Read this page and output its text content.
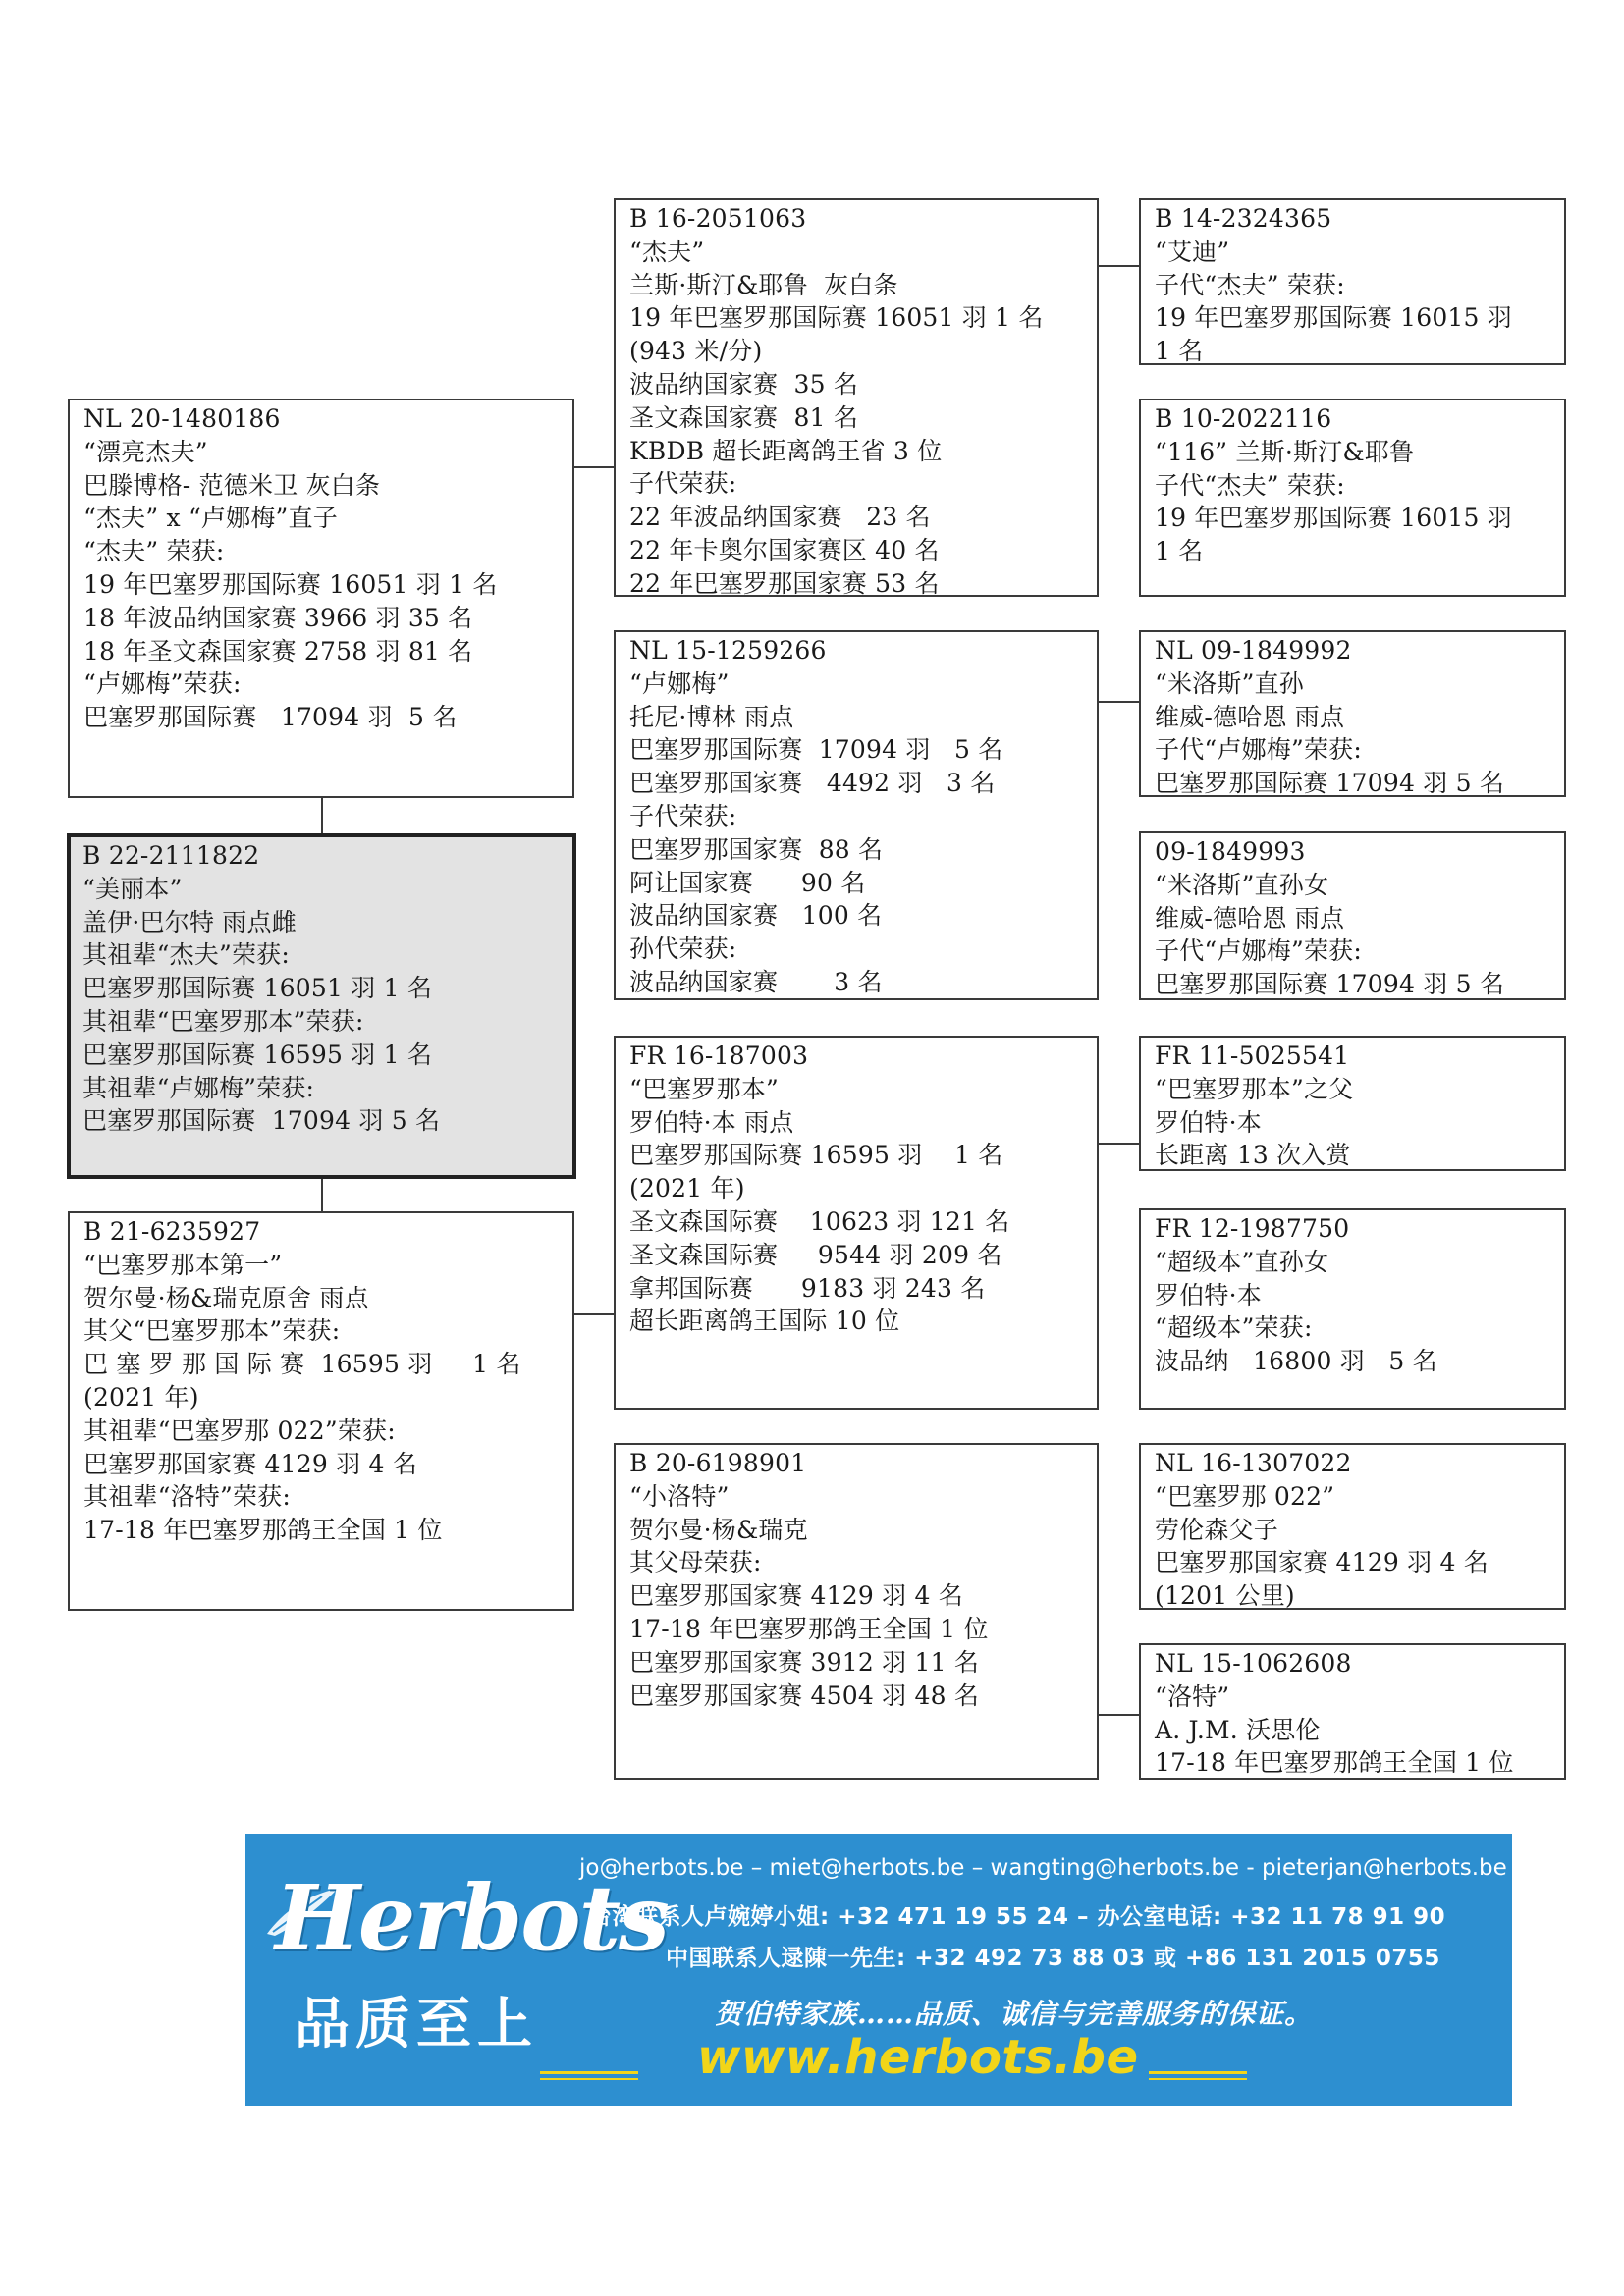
NL 20-1480186
“漂亮杰夫”
巴滕博格- 范德米卫 灰白条
“杰夫” x “卢娜梅”直子
“杰夫” 荣获:
19 年巴塞罗那国际赛 16051 羽 1 名
18 年波品纳国家赛 3966 羽 35 名
18 年圣文森国家赛 2758 羽 81 名
“卢娜梅”荣获:
巴塞罗那国际赛   17094 羽  5 名
B 22-2111822
“美丽本”
盖伊·巴尔特 雨点雌
其祖辈“杰夫”荣获:
巴塞罗那国际赛 16051 羽 1 名
其祖辈“巴塞罗那本”荣获:
巴塞罗那国际赛 16595 羽 1 名
其祖辈“卢娜梅”荣获:
巴塞罗那国际赛  17094 羽 5 名
B 21-6235927
“巴塞罗那本第一”
贺尔曼·杨&瑞克原舍 雨点
其父“巴塞罗那本”荣获:
巴 塞 罗 那 国 际 赛  16595 羽     1 名
(2021 年)
其祖辈“巴塞罗那 022”荣获:
巴塞罗那国家赛 4129 羽 4 名
其祖辈“洛特”荣获:
17-18 年巴塞罗那鸽王全国 1 位
B 16-2051063
“杰夫”
兰斯·斯汀&耶鲁  灰白条
19 年巴塞罗那国际赛 16051 羽 1 名
(943 米/分)
波品纳国家赛  35 名
圣文森国家赛  81 名
KBDB 超长距离鸽王省 3 位
子代荣获:
22 年波品纳国家赛   23 名
22 年卡奥尔国家赛区 40 名
22 年巴塞罗那国家赛 53 名
NL 15-1259266
“卢娜梅”
托尼·博林 雨点
巴塞罗那国际赛  17094 羽   5 名
巴塞罗那国家赛   4492 羽   3 名
子代荣获:
巴塞罗那国家赛  88 名
阿让国家赛      90 名
波品纳国家赛   100 名
孙代荣获:
波品纳国家赛       3 名
FR 16-187003
“巴塞罗那本”
罗伯特·本 雨点
巴塞罗那国际赛 16595 羽    1 名
(2021 年)
圣文森国际赛    10623 羽 121 名
圣文森国际赛     9544 羽 209 名
拿邦国际赛      9183 羽 243 名
超长距离鸽王国际 10 位
B 20-6198901
“小洛特”
贺尔曼·杨&瑞克
其父母荣获:
巴塞罗那国家赛 4129 羽 4 名
17-18 年巴塞罗那鸽王全国 1 位
巴塞罗那国家赛 3912 羽 11 名
巴塞罗那国家赛 4504 羽 48 名
B 14-2324365
“艾迪”
子代“杰夫” 荣获:
19 年巴塞罗那国际赛 16015 羽
1 名
B 10-2022116
“116” 兰斯·斯汀&耶鲁
子代“杰夫” 荣获:
19 年巴塞罗那国际赛 16015 羽
1 名
NL 09-1849992
“米洛斯”直孙
维威-德哈恩 雨点
子代“卢娜梅”荣获:
巴塞罗那国际赛 17094 羽 5 名
09-1849993
“米洛斯”直孙女
维威-德哈恩 雨点
子代“卢娜梅”荣获:
巴塞罗那国际赛 17094 羽 5 名
FR 11-5025541
“巴塞罗那本”之父
罗伯特·本
长距离 13 次入赏
FR 12-1987750
“超级本”直孙女
罗伯特·本
“超级本”荣获:
波品纳   16800 羽   5 名
NL 16-1307022
“巴塞罗那 022”
劳伦森父子
巴塞罗那国家赛 4129 羽 4 名
(1201 公里)
NL 15-1062608
“洛特”
A. J.M. 沃思伦
17-18 年巴塞罗那鸽王全国 1 位
Herbots
品质至上
jo@herbots.be – miet@herbots.be – wangting@herbots.be - pieterjan@herbots.be
台湾联系人卢婉婷小姐: +32 471 19 55 24 – 办公室电话: +32 11 78 91 90
中国联系人逯陳一先生: +32 492 73 88 03 或 +86 131 2015 0755
贺伯特家族……品质、诚信与完善服务的保证。
www.herbots.be
